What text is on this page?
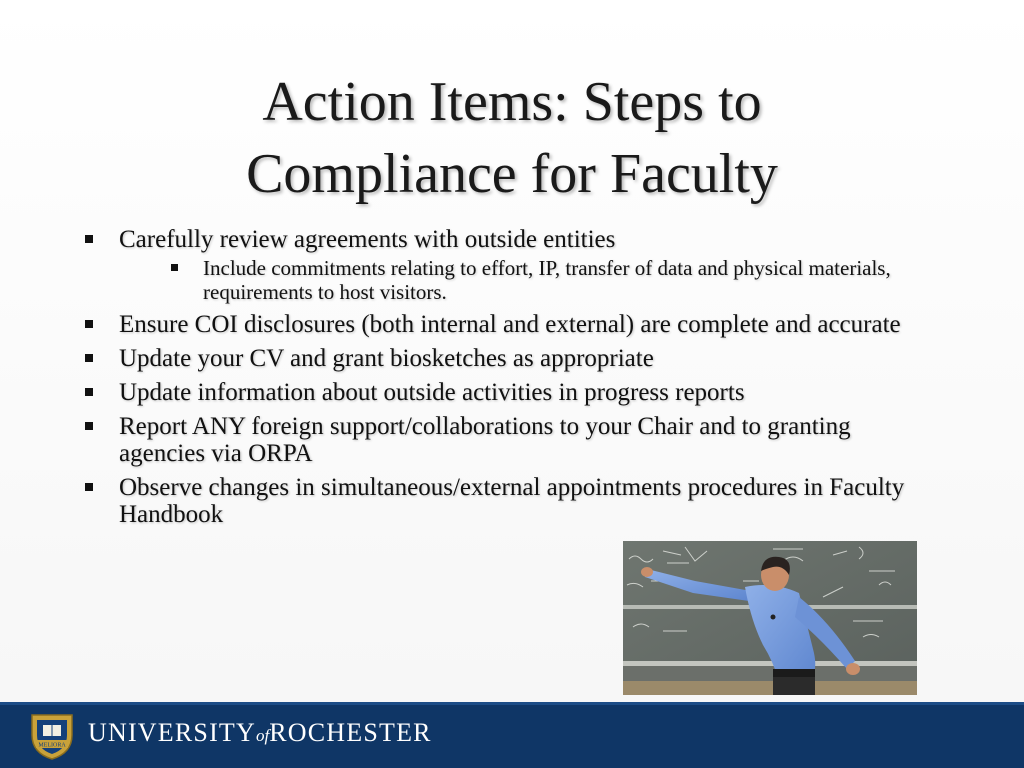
Action Items: Steps to
Compliance for Faculty
Carefully review agreements with outside entities
Include commitments relating to effort, IP, transfer of data and physical materials, requirements to host visitors.
Ensure COI disclosures (both internal and external) are complete and accurate
Update your CV and grant biosketches as appropriate
Update information about outside activities in progress reports
Report ANY foreign support/collaborations to your Chair and to granting agencies via ORPA
Observe changes in simultaneous/external appointments procedures in Faculty Handbook
MELIORA UNIVERSITYofROCHESTER
